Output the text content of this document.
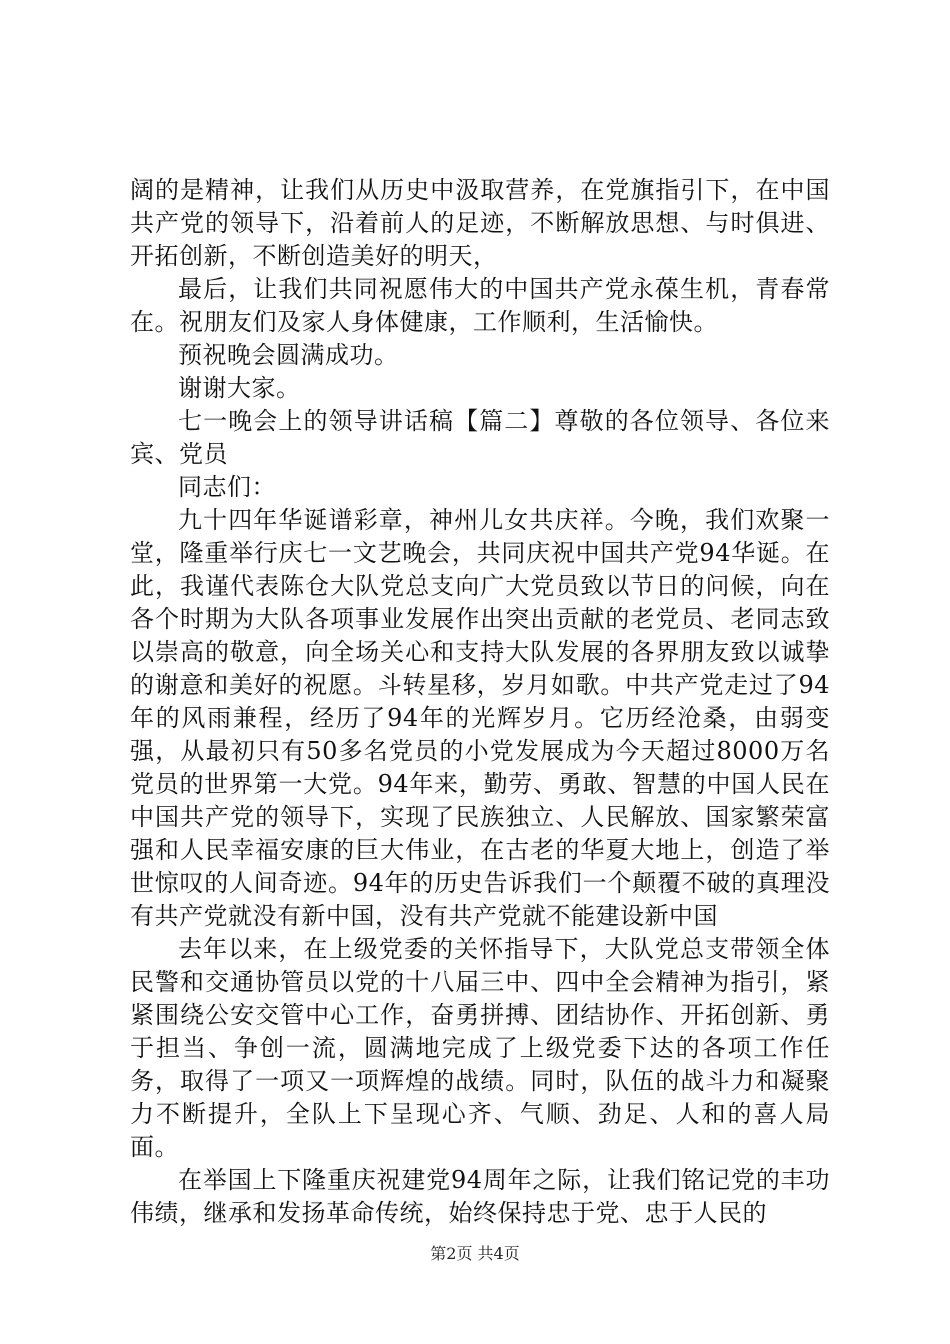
阔的是精神，让我们从历史中汲取营养，在党旗指引下，在中国共产党的领导下，沿着前人的足迹，不断解放思想、与时俱进、开拓创新，不断创造美好的明天，

最后，让我们共同祝愿伟大的中国共产党永葆生机，青春常在。祝朋友们及家人身体健康，工作顺利，生活愉快。

预祝晚会圆满成功。

谢谢大家。

七一晚会上的领导讲话稿【篇二】尊敬的各位领导、各位来宾、党员

同志们：

九十四年华诞谱彩章，神州儿女共庆祥。今晚，我们欢聚一堂，隆重举行庆七一文艺晚会，共同庆祝中国共产党94华诞。在此，我谨代表陈仓大队党总支向广大党员致以节日的问候，向在各个时期为大队各项事业发展作出突出贡献的老党员、老同志致以崇高的敬意，向全场关心和支持大队发展的各界朋友致以诚挚的谢意和美好的祝愿。斗转星移，岁月如歌。中共产党走过了94年的风雨兼程，经历了94年的光辉岁月。它历经沧桑，由弱变强，从最初只有50多名党员的小党发展成为今天超过8000万名党员的世界第一大党。94年来，勤劳、勇敢、智慧的中国人民在中国共产党的领导下，实现了民族独立、人民解放、国家繁荣富强和人民幸福安康的巨大伟业，在古老的华夏大地上，创造了举世惊叹的人间奇迹。94年的历史告诉我们一个颠覆不破的真理没有共产党就没有新中国，没有共产党就不能建设新中国

去年以来，在上级党委的关怀指导下，大队党总支带领全体民警和交通协管员以党的十八届三中、四中全会精神为指引，紧紧围绕公安交管中心工作，奋勇拼搏、团结协作、开拓创新、勇于担当、争创一流，圆满地完成了上级党委下达的各项工作任务，取得了一项又一项辉煌的战绩。同时，队伍的战斗力和凝聚力不断提升，全队上下呈现心齐、气顺、劲足、人和的喜人局面。

在举国上下隆重庆祝建党94周年之际，让我们铭记党的丰功伟绩，继承和发扬革命传统，始终保持忠于党、忠于人民的

第2页 共4页
